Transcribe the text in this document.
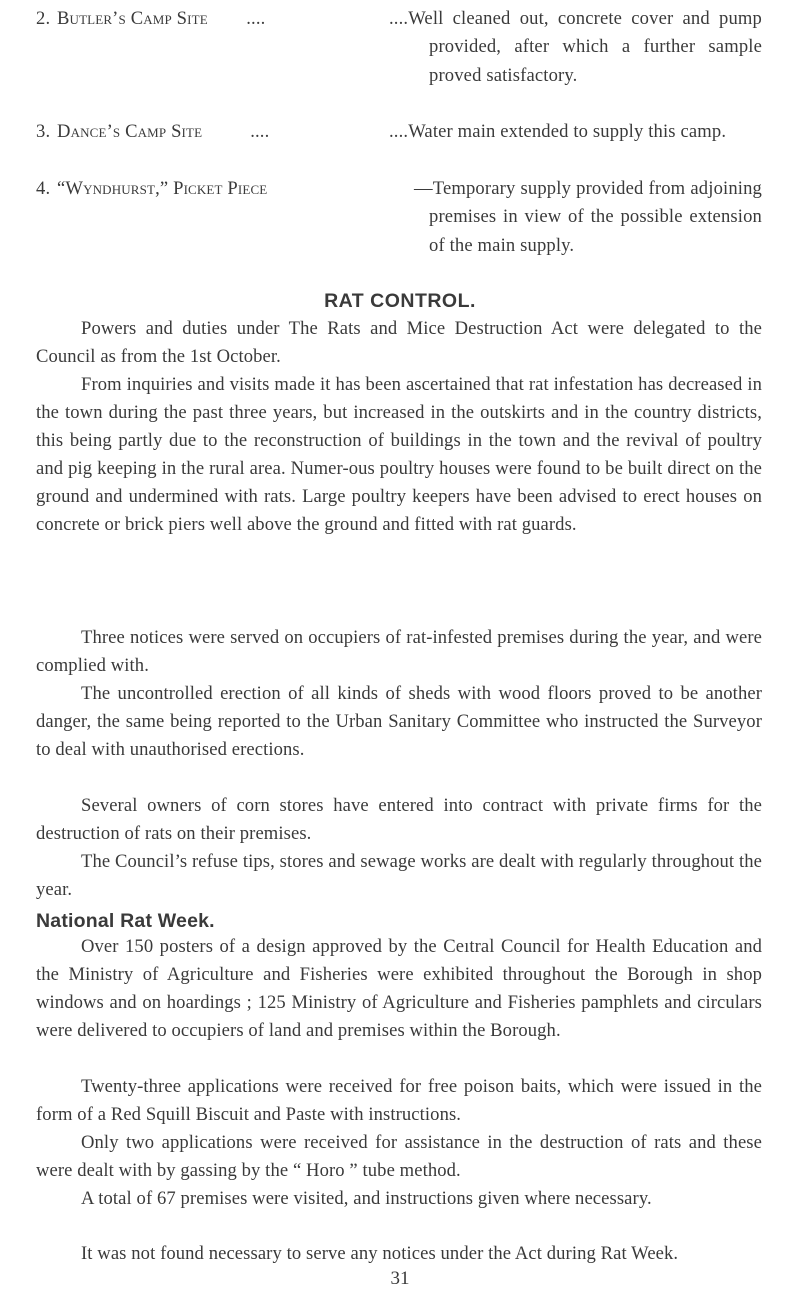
2. Butler’s Camp Site ....	....Well cleaned out, concrete cover and pump provided, after which a further sample proved satisfactory.
3. Dance’s Camp Site	....	....Water main extended to supply this camp.
4. “Wyndhurst,” Picket Piece	—Temporary supply provided from adjoining premises in view of the possible extension of the main supply.
RAT CONTROL.

Powers and duties under The Rats and Mice Destruction Act were delegated to the Council as from the 1st October.

From inquiries and visits made it has been ascertained that rat infestation has decreased in the town during the past three years, but increased in the outskirts and in the country districts, this being partly due to the reconstruction of buildings in the town and the revival of poultry and pig keeping in the rural area. Numer-ous poultry houses were found to be built direct on the ground and undermined with rats. Large poultry keepers have been advised to erect houses on concrete or brick piers well above the ground and fitted with rat guards.

Three notices were served on occupiers of rat-infested premises during the year, and were complied with.

The uncontrolled erection of all kinds of sheds with wood floors proved to be another danger, the same being reported to the Urban Sanitary Committee who instructed the Surveyor to deal with unauthorised erections.

Several owners of corn stores have entered into contract with private firms for the destruction of rats on their premises.

The Council’s refuse tips, stores and sewage works are dealt with regularly throughout the year.

National Rat Week.

Over 150 posters of a design approved by the Ceıtral Council for Health Education and the Ministry of Agriculture and Fisheries were exhibited throughout the Borough in shop windows and on hoardings ; 125 Ministry of Agriculture and Fisheries pamphlets and circulars were delivered to occupiers of land and premises within the Borough.

Twenty-three applications were received for free poison baits, which were issued in the form of a Red Squill Biscuit and Paste with instructions.

Only two applications were received for assistance in the destruction of rats and these were dealt with by gassing by the “ Horo ” tube method.

A total of 67 premises were visited, and instructions given where necessary.

It was not found necessary to serve any notices under the Act during Rat Week.

31
